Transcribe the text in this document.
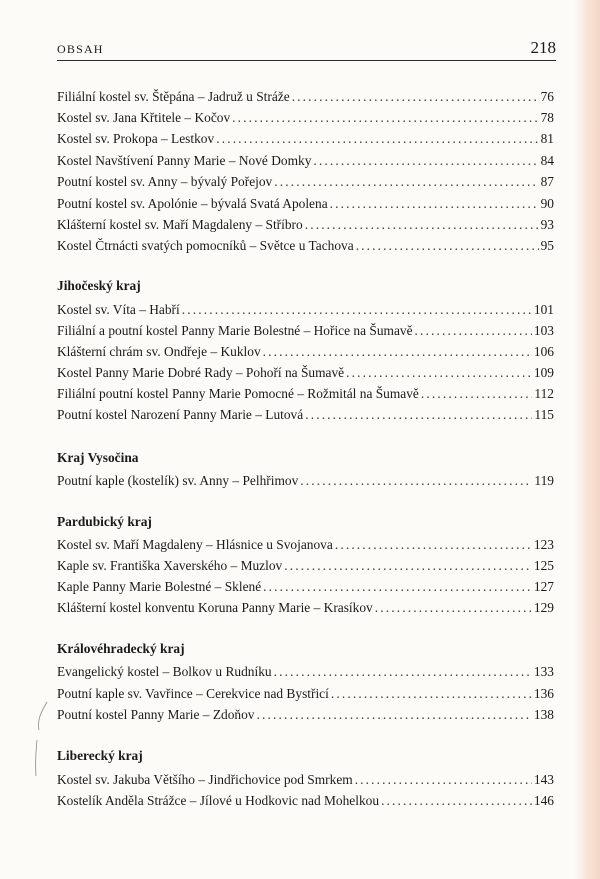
OBSAH	218
Filiální kostel sv. Štěpána – Jadruž u Stráže . . .	76
Kostel sv. Jana Křtitele – Kočov . . .	78
Kostel sv. Prokopa – Lestkov . . .	81
Kostel Navštívení Panny Marie – Nové Domky . . .	84
Poutní kostel sv. Anny – bývalý Pořejov . . .	87
Poutní kostel sv. Apolónie – bývalá Svatá Apolena . . .	90
Klášterní kostel sv. Maří Magdaleny – Stříbro . . .	93
Kostel Čtrnácti svatých pomocníků – Světce u Tachova . . .	95
Jihočeský kraj
Kostel sv. Víta – Habří . . .	101
Filiální a poutní kostel Panny Marie Bolestné – Hořice na Šumavě . . .	103
Klášterní chrám sv. Ondřeje – Kuklov . . .	106
Kostel Panny Marie Dobré Rady – Pohoří na Šumavě . . .	109
Filiální poutní kostel Panny Marie Pomocné – Rožmitál na Šumavě . . .	112
Poutní kostel Narození Panny Marie – Lutová . . .	115
Kraj Vysočina
Poutní kaple (kostelík) sv. Anny – Pelhřimov . . .	119
Pardubický kraj
Kostel sv. Maří Magdaleny – Hlásnice u Svojanova . . .	123
Kaple sv. Františka Xaverského – Muzlov . . .	125
Kaple Panny Marie Bolestné – Sklené . . .	127
Klášterní kostel konventu Koruna Panny Marie – Krasíkov . . .	129
Královéhradecký kraj
Evangelický kostel – Bolkov u Rudníku . . .	133
Poutní kaple sv. Vavřince – Cerekvice nad Bystřicí . . .	136
Poutní kostel Panny Marie – Zdoňov . . .	138
Liberecký kraj
Kostel sv. Jakuba Většího – Jindřichovice pod Smrkem . . .	143
Kostelík Anděla Strážce – Jílové u Hodkovic nad Mohelkou . . .	146
